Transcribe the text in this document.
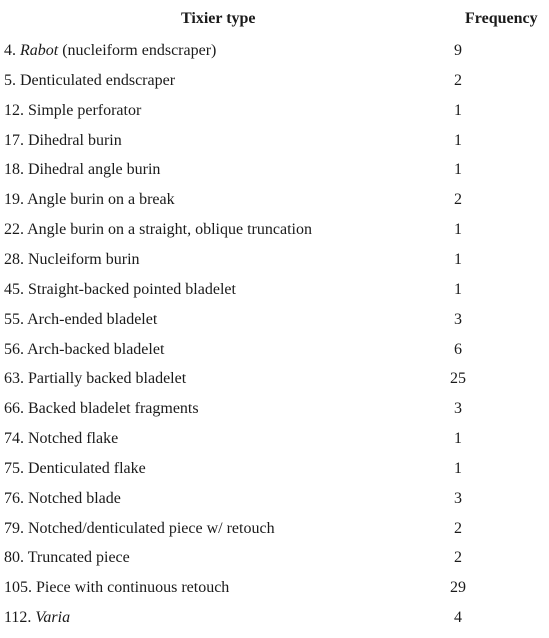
Tixier type	Frequency
4. Rabot (nucleiform endscraper)	9
5. Denticulated endscraper	2
12. Simple perforator	1
17. Dihedral burin	1
18. Dihedral angle burin	1
19. Angle burin on a break	2
22. Angle burin on a straight, oblique truncation	1
28. Nucleiform burin	1
45. Straight-backed pointed bladelet	1
55. Arch-ended bladelet	3
56. Arch-backed bladelet	6
63. Partially backed bladelet	25
66. Backed bladelet fragments	3
74. Notched flake	1
75. Denticulated flake	1
76. Notched blade	3
79. Notched/denticulated piece w/ retouch	2
80. Truncated piece	2
105. Piece with continuous retouch	29
112. Varia	4
